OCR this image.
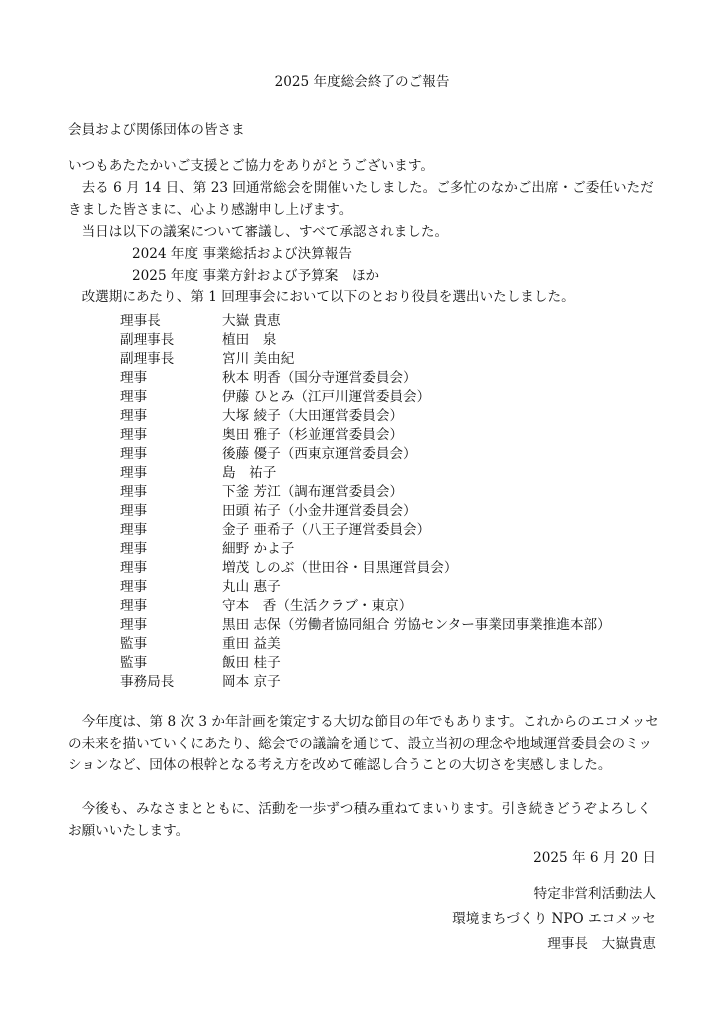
2025 年度総会終了のご報告
会員および関係団体の皆さま

いつもあたたかいご支援とご協力をありがとうございます。

去る 6 月 14 日、第 23 回通常総会を開催いたしました。ご多忙のなかご出席・ご委任いただきました皆さまに、心より感謝申し上げます。

当日は以下の議案について審議し、すべて承認されました。

2024 年度 事業総括および決算報告
2025 年度 事業方針および予算案　ほか

改選期にあたり、第 1 回理事会において以下のとおり役員を選出いたしました。

理事長	大嶽 貴恵
副理事長	植田　泉
副理事長	宮川 美由紀
理事	秋本 明香（国分寺運営委員会）
理事	伊藤 ひとみ（江戸川運営委員会）
理事	大塚 綾子（大田運営委員会）
理事	奥田 雅子（杉並運営委員会）
理事	後藤 優子（西東京運営委員会）
理事	島　祐子
理事	下釜 芳江（調布運営委員会）
理事	田頭 祐子（小金井運営委員会）
理事	金子 亜希子（八王子運営委員会）
理事	細野 かよ子
理事	増茂 しのぶ（世田谷・目黒運営員会）
理事	丸山 惠子
理事	守本　香（生活クラブ・東京）
理事	黒田 志保（労働者協同組合 労協センター事業団事業推進本部）
監事	重田 益美
監事	飯田 桂子
事務局長	岡本 京子

今年度は、第 8 次 3 か年計画を策定する大切な節目の年でもあります。これからのエコメッセの未来を描いていくにあたり、総会での議論を通じて、設立当初の理念や地域運営委員会のミッションなど、団体の根幹となる考え方を改めて確認し合うことの大切さを実感しました。

今後も、みなさまとともに、活動を一歩ずつ積み重ねてまいります。引き続きどうぞよろしくお願いいたします。

2025 年 6 月 20 日
特定非営利活動法人
環境まちづくり NPO エコメッセ
理事長　大嶽貴恵
